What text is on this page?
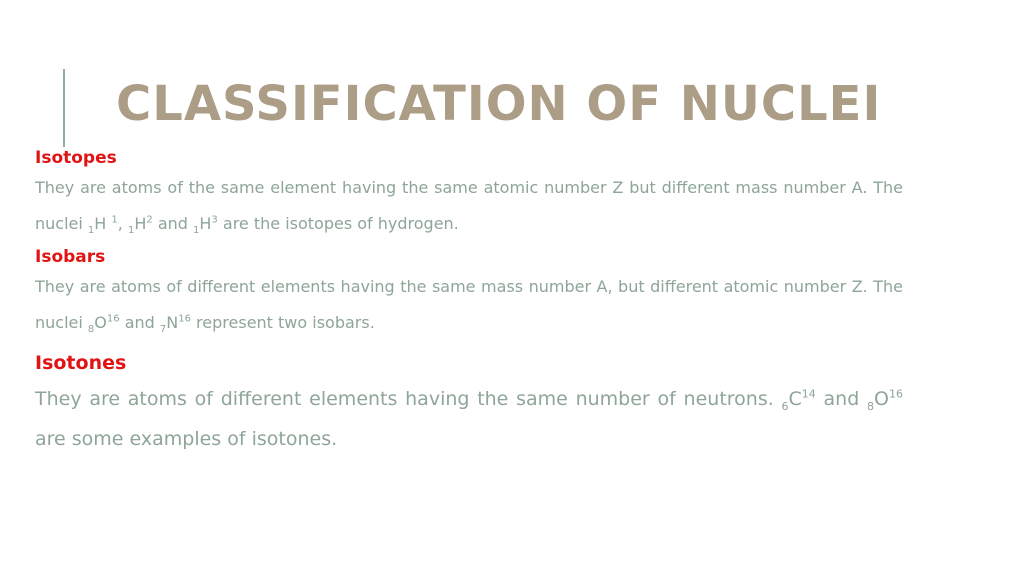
CLASSIFICATION OF NUCLEI
Isotopes

They are atoms of the same element having the same atomic number Z but different mass number A. The nuclei $_1$H $^1$, $_1H^2$ and $_1H^3$ are the isotopes of hydrogen.

Isobars

They are atoms of different elements having the same mass number A, but different atomic number Z. The nuclei $_8O^{16}$ and $_7N^{16}$ represent two isobars.

Isotones

They are atoms of different elements having the same number of neutrons. $_6C^{14}$ and $_8O^{16}$ are some examples of isotones.
